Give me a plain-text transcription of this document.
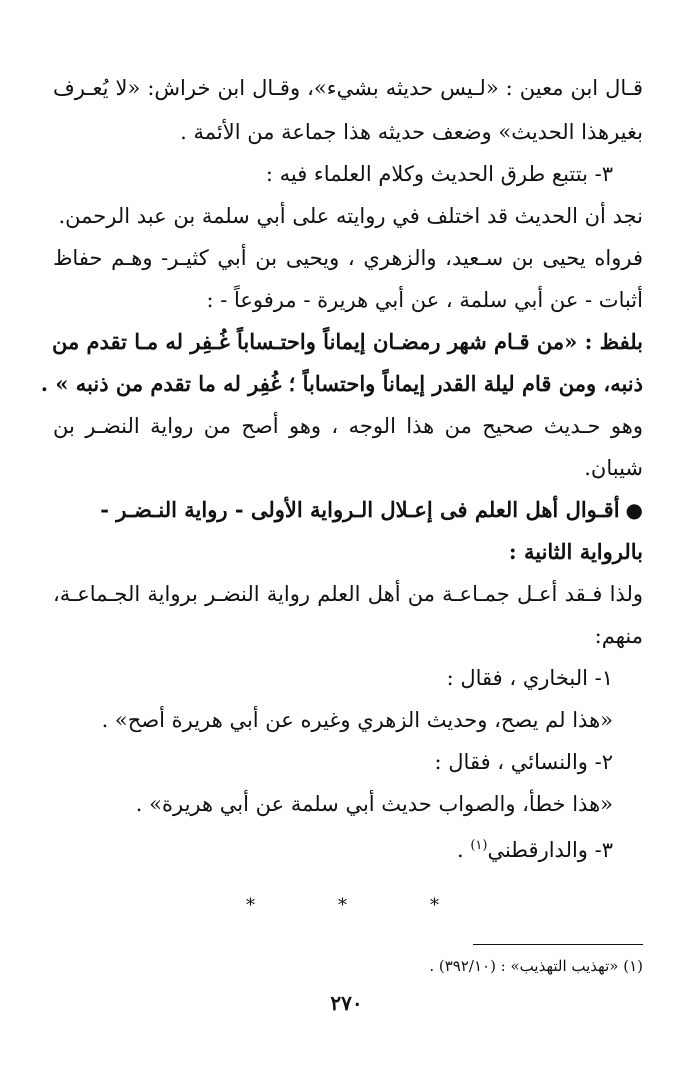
قـال ابن معين : «لـيس حديثه بشيء»، وقـال ابن خراش: «لا يُعـرف
بغيرهذا الحديث» وضعف حديثه هذا جماعة من الأئمة .
٣- بتتبع طرق الحديث وكلام العلماء فيه :
نجد أن الحديث قد اختلف في روايته على أبي سلمة بن عبد الرحمن.
فرواه يحيى بن سـعيد، والزهري ، ويحيى بن أبي كثيـر- وهـم حفاظ
أثبات - عن أبي سلمة ، عن أبي هريرة - مرفوعاً - :
بلفظ : «من قـام شهر رمضـان إيماناً واحتـساباً غُـفِر له مـا تقدم من
ذنبه، ومن قام ليلة القدر إيماناً واحتساباً ؛ غُفِر له ما تقدم من ذنبه » .
وهو حـديث صحيح من هذا الوجه ، وهو أصح من رواية النضـر بن
شيبان.
●أقـوال أهل العلم فى إعـلال الـرواية الأولى - رواية النـضـر -
بالرواية الثانية :
ولذا فـقد أعـل جمـاعـة من أهل العلم رواية النضـر برواية الجـماعـة،
منهم:
١- البخاري ، فقال :
«هذا لم يصح، وحديث الزهري وغيره عن أبي هريرة أصح» .
٢- والنسائي ، فقال :
«هذا خطأ، والصواب حديث أبي سلمة عن أبي هريرة» .
٣- والدارقطني$^{(١)}$ .
*	*	*
(١) «تهذيب التهذيب» : (٣٩٢/١٠) .
٢٧٠
